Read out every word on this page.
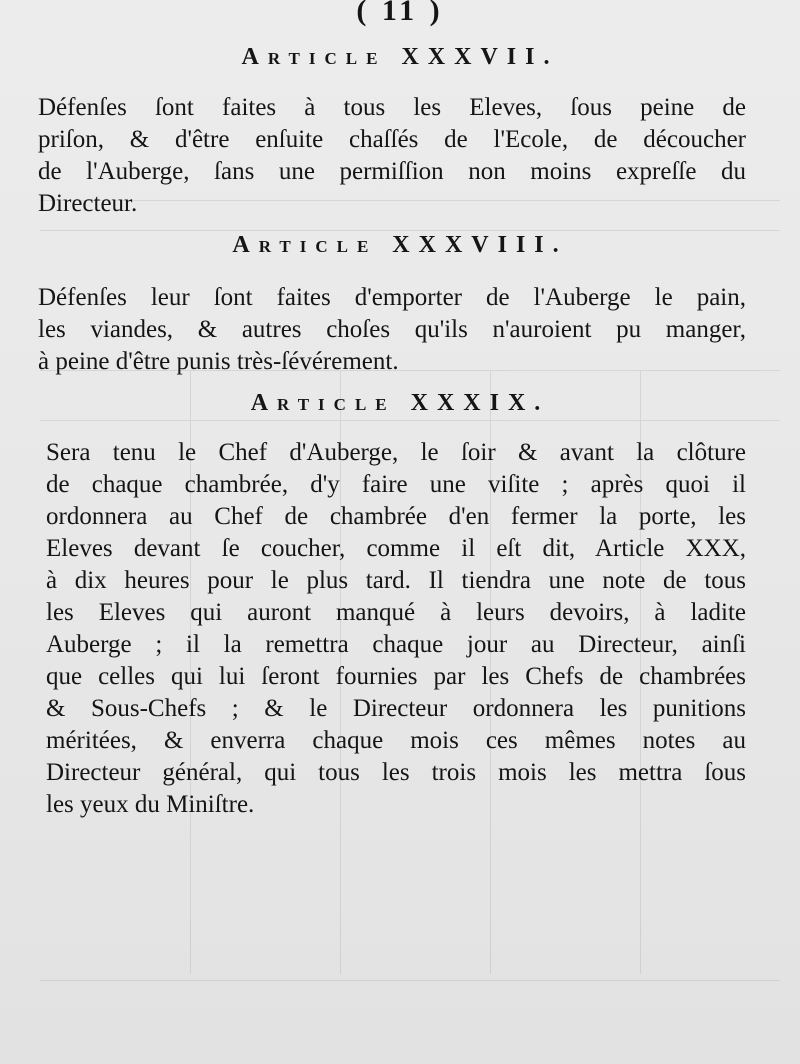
( 11 )
Article XXXVII.
Défenſes ſont faites à tous les Eleves, ſous peine de
priſon, & d'être enſuite chaſſés de l'Ecole, de découcher
de l'Auberge, ſans une permiſſion non moins expreſſe du
Directeur.
Article XXXVIII.
Défenſes leur ſont faites d'emporter de l'Auberge le pain,
les viandes, & autres choſes qu'ils n'auroient pu manger,
à peine d'être punis très-ſévérement.
Article XXXIX.
Sera tenu le Chef d'Auberge, le ſoir & avant la clôture
de chaque chambrée, d'y faire une viſite ; après quoi il
ordonnera au Chef de chambrée d'en fermer la porte, les
Eleves devant ſe coucher, comme il eſt dit, Article XXX,
à dix heures pour le plus tard. Il tiendra une note de tous
les Eleves qui auront manqué à leurs devoirs, à ladite
Auberge ; il la remettra chaque jour au Directeur, ainſi
que celles qui lui ſeront fournies par les Chefs de chambrées
& Sous-Chefs ; & le Directeur ordonnera les punitions
méritées, & enverra chaque mois ces mêmes notes au
Directeur général, qui tous les trois mois les mettra ſous
les yeux du Miniſtre.
